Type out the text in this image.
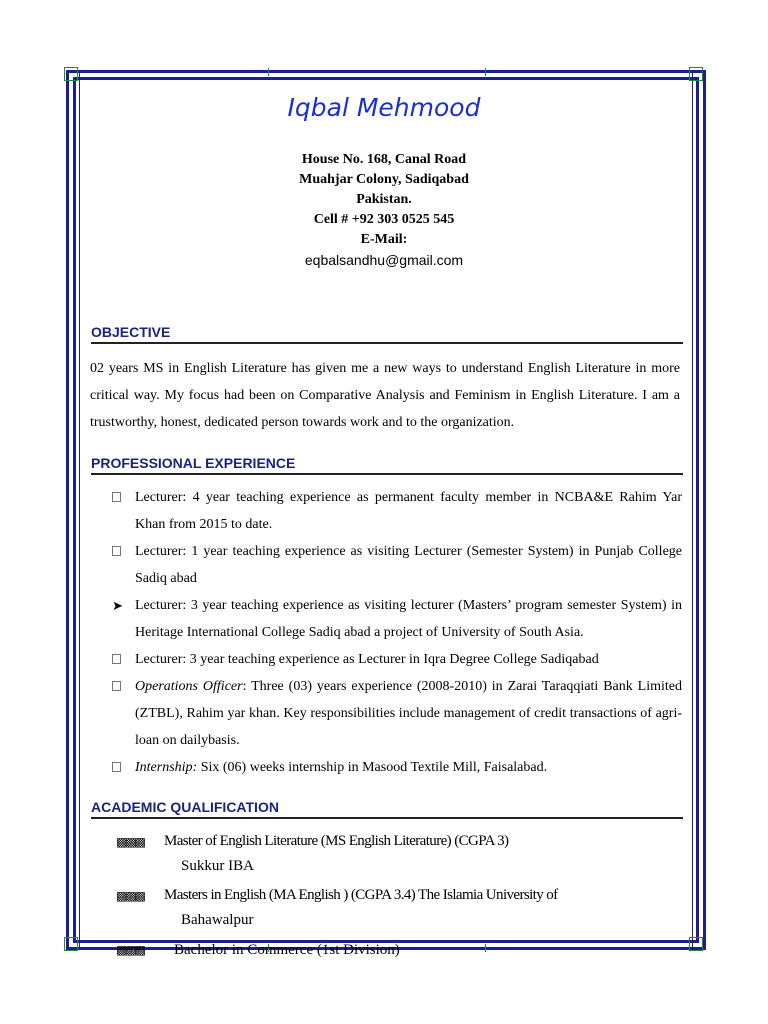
Iqbal Mehmood
House No. 168, Canal Road
Muahjar Colony, Sadiqabad
Pakistan.
Cell # +92 303 0525 545
E-Mail:
eqbalsandhu@gmail.com
OBJECTIVE
02 years MS in English Literature has given me a new ways to understand English Literature in more critical way. My focus had been on Comparative Analysis and Feminism in English Literature. I am a trustworthy, honest, dedicated person towards work and to the organization.
PROFESSIONAL EXPERIENCE
Lecturer: 4 year teaching experience as permanent faculty member in NCBA&E Rahim Yar Khan from 2015 to date.
Lecturer: 1 year teaching experience as visiting Lecturer (Semester System) in Punjab College Sadiq abad
➤ Lecturer: 3 year teaching experience as visiting lecturer (Masters’ program semester System) in Heritage International College Sadiq abad a project of University of South Asia.
Lecturer: 3 year teaching experience as Lecturer in Iqra Degree College Sadiqabad
Operations Officer: Three (03) years experience (2008-2010) in Zarai Taraqqiati Bank Limited (ZTBL), Rahim yar khan. Key responsibilities include management of credit transactions of agri-loan on dailybasis.
Internship: Six (06) weeks internship in Masood Textile Mill, Faisalabad.
ACADEMIC QUALIFICATION
▩▩▩ Master of English Literature (MS English Literature) (CGPA 3)
Sukkur IBA
▩▩▩ Masters in English (MA English ) (CGPA 3.4) The Islamia University of
Bahawalpur
▩▩▩ Bachelor in Commerce (1st Division)
